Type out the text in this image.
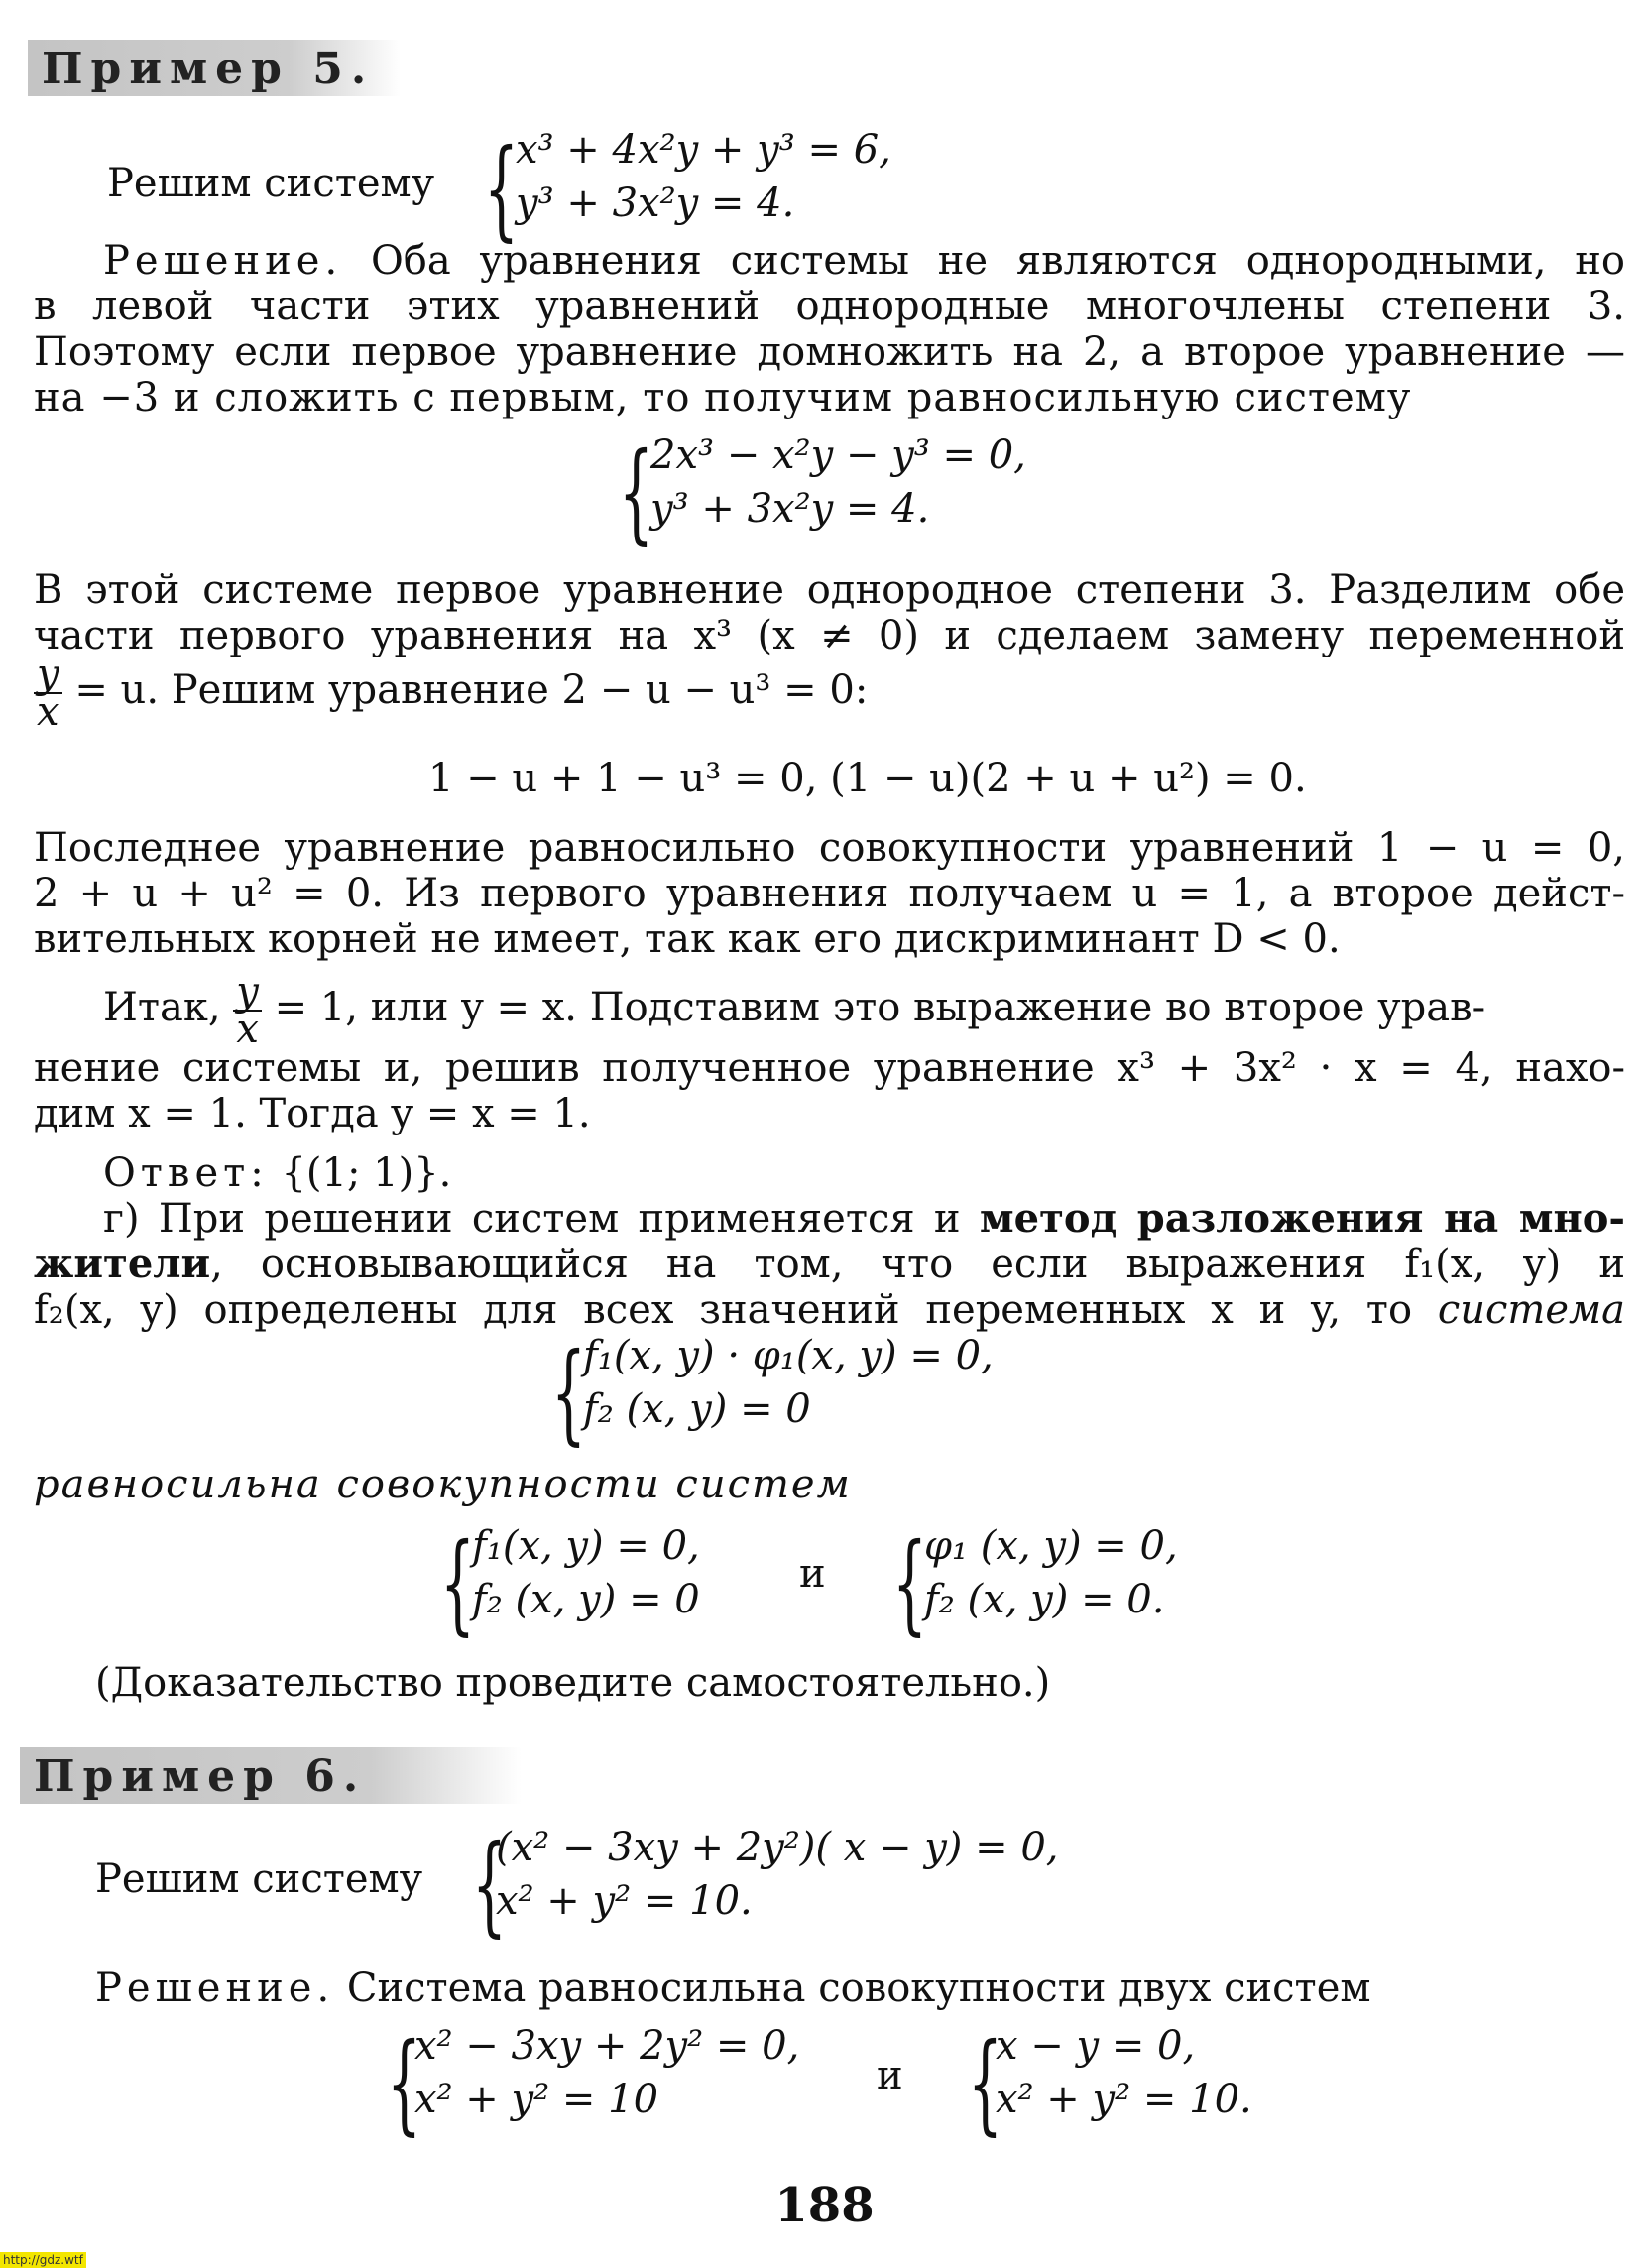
Пример 5.
Решим систему {
x³ + 4x²y + y³ = 6,
y³ + 3x²y = 4.
Решение. Оба уравнения системы не являются однородными, но
в левой части этих уравнений однородные многочлены степени 3.
Поэтому если первое уравнение домножить на 2, а второе уравнение —
на −3 и сложить с первым, то получим равносильную систему
{
2x³ − x²y − y³ = 0,
y³ + 3x²y = 4.
В этой системе первое уравнение однородное степени 3. Разделим обе
части первого уравнения на x³ (x ≠ 0) и сделаем замену переменной
$\frac{y}{x} = u$. Решим уравнение 2 − u − u³ = 0:
1 − u + 1 − u³ = 0, (1 − u)(2 + u + u²) = 0.
Последнее уравнение равносильно совокупности уравнений 1 − u = 0,
2 + u + u² = 0. Из первого уравнения получаем u = 1, а второе дейст-
вительных корней не имеет, так как его дискриминант D < 0.
Итак, $\frac{y}{x} = 1$, или y = x. Подставим это выражение во второе урав-
нение системы и, решив полученное уравнение x³ + 3x² · x = 4, нахо-
дим x = 1. Тогда y = x = 1.
Ответ: {(1; 1)}.
г) При решении систем применяется и метод разложения на мно-
жители, основывающийся на том, что если выражения f₁(x, y) и
f₂(x, y) определены для всех значений переменных x и y, то система
{
f₁(x, y) · φ₁(x, y) = 0,
f₂ (x, y) = 0
равносильна совокупности систем
{
f₁(x, y) = 0,
f₂ (x, y) = 0
и {
φ₁ (x, y) = 0,
f₂ (x, y) = 0.
(Доказательство проведите самостоятельно.)
Пример 6.
Решим систему {
(x² − 3xy + 2y²)( x − y) = 0,
x² + y² = 10.
Решение. Система равносильна совокупности двух систем
{
x² − 3xy + 2y² = 0,
x² + y² = 10
и {
x − y = 0,
x² + y² = 10.
188
http://gdz.wtf
